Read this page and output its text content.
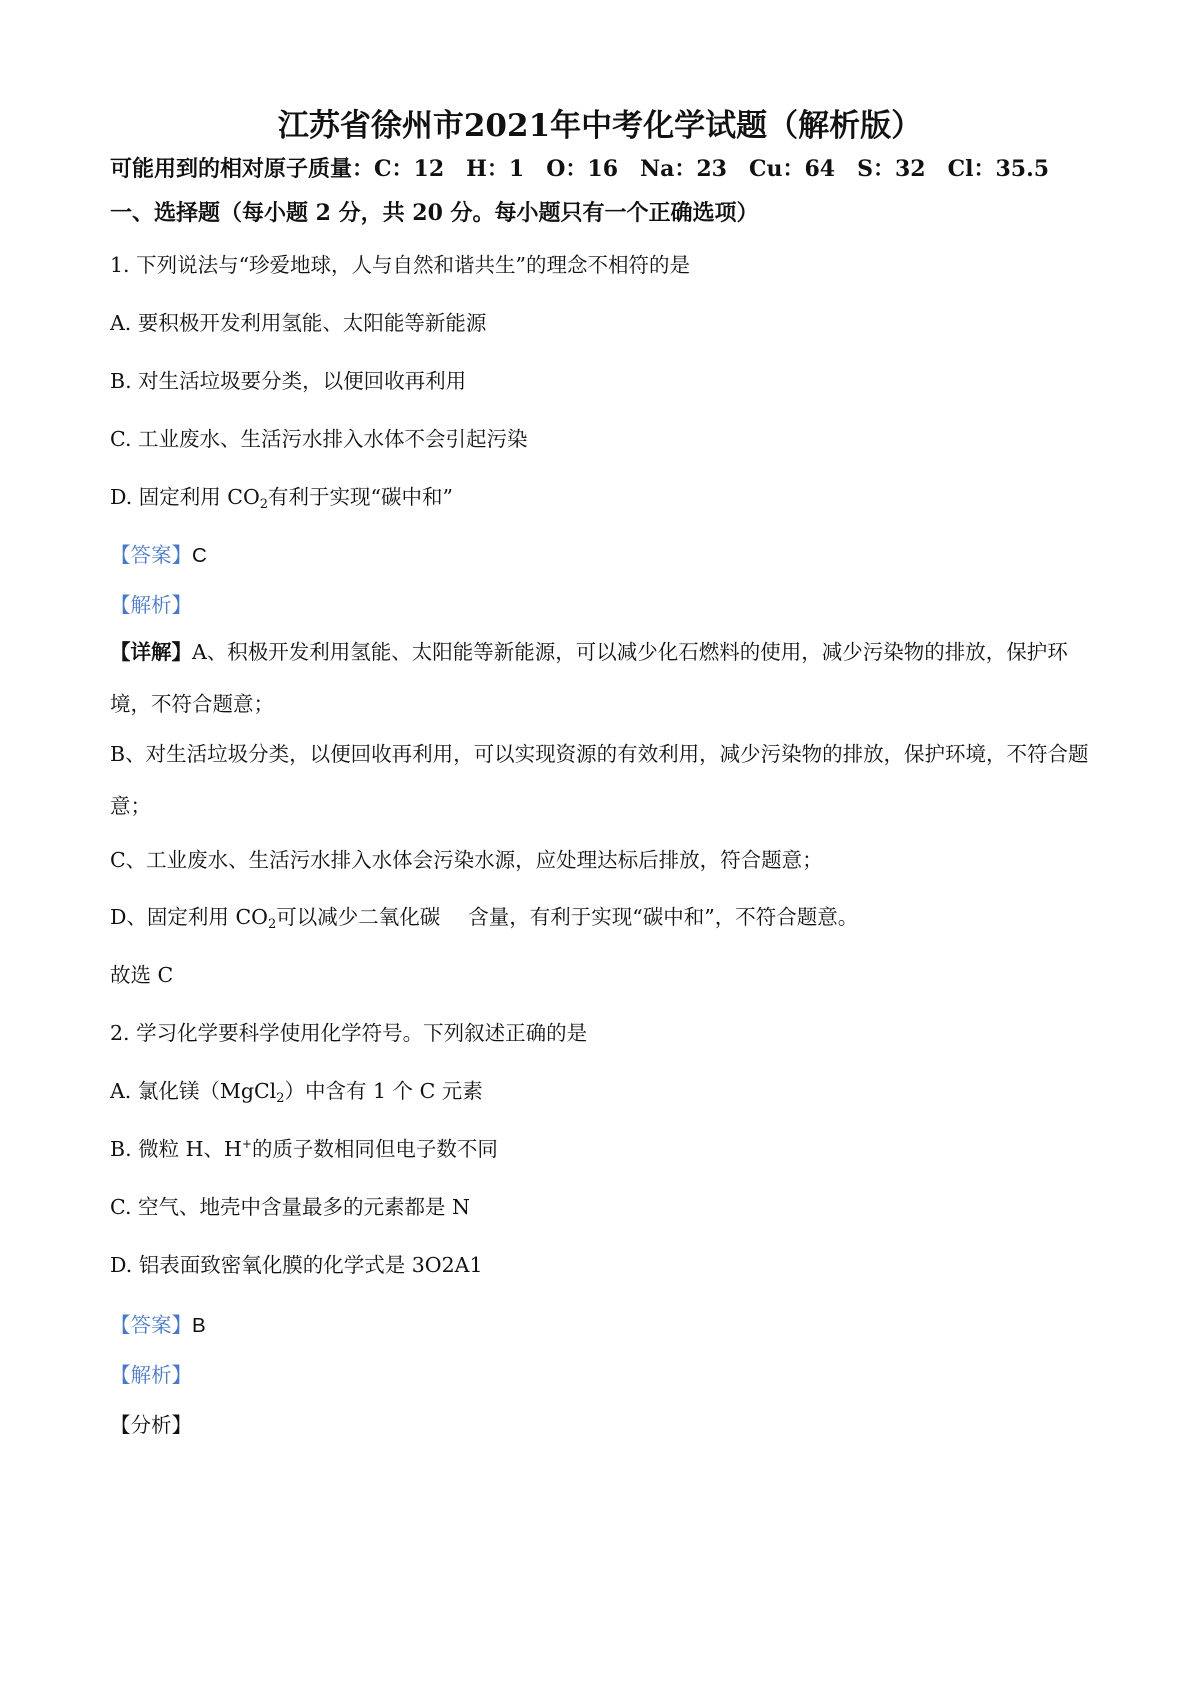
江苏省徐州市2021年中考化学试题（解析版）
可能用到的相对原子质量：C：12　H：1　O：16　Na：23　Cu：64　S：32　Cl：35.5
一、选择题（每小题 2 分，共 20 分。每小题只有一个正确选项）
1. 下列说法与“珍爱地球，人与自然和谐共生”的理念不相符的是
A. 要积极开发利用氢能、太阳能等新能源
B. 对生活垃圾要分类，以便回收再利用
C. 工业废水、生活污水排入水体不会引起污染
D. 固定利用 $CO_2$有利于实现“碳中和”
【答案】C
【解析】
【详解】A、积极开发利用氢能、太阳能等新能源，可以减少化石燃料的使用，减少污染物的排放，保护环境，不符合题意；
B、对生活垃圾分类，以便回收再利用，可以实现资源的有效利用，减少污染物的排放，保护环境，不符合题意；
C、工业废水、生活污水排入水体会污染水源，应处理达标后排放，符合题意；
D、固定利用 $CO_2$可以减少二氧化碳 含量，有利于实现“碳中和”，不符合题意。
故选 C
2. 学习化学要科学使用化学符号。下列叙述正确的是
A. 氯化镁（MgCl$_2$）中含有 1 个 C 元素
B. 微粒 H、H+的质子数相同但电子数不同
C. 空气、地壳中含量最多的元素都是 N
D. 铝表面致密氧化膜的化学式是 3O2A1
【答案】B
【解析】
【分析】
